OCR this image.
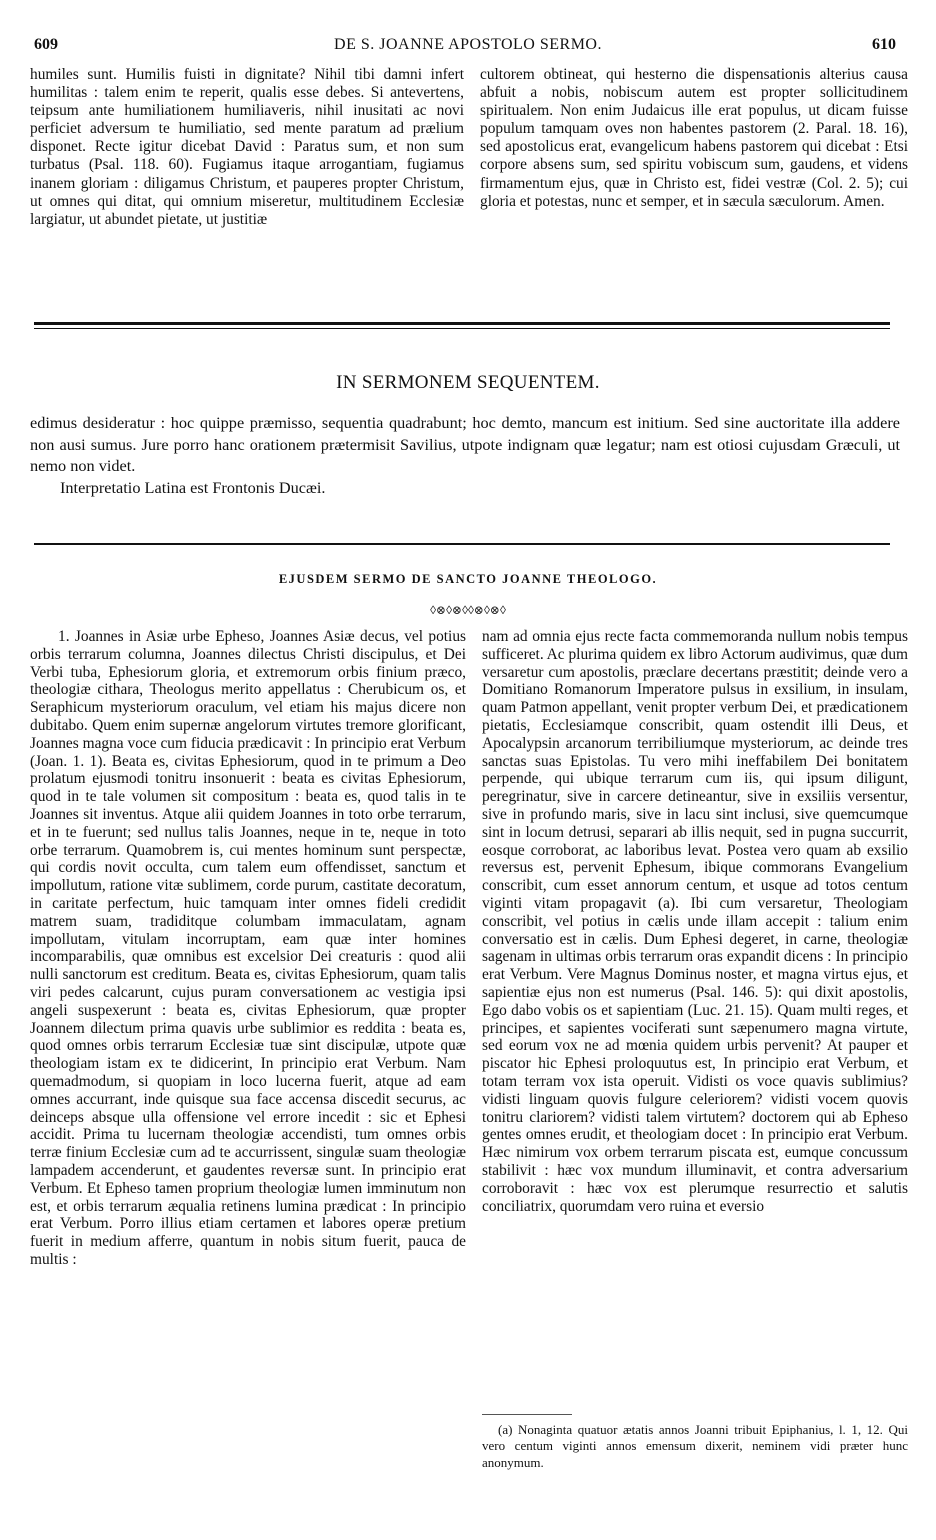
609	DE S. JOANNE APOSTOLO SERMO.	610

humiles sunt. Humilis fuisti in dignitate? Nihil tibi damni infert humilitas : talem enim te reperit, qualis esse debes. Si antevertens, teipsum ante humiliationem humiliaveris, nihil inusitati ac novi perficiet adversum te humiliatio, sed mente paratum ad prælium disponet. Recte igitur dicebat David : Paratus sum, et non sum turbatus (Psal. 118. 60). Fugiamus itaque arrogantiam, fugiamus inanem gloriam : diligamus Christum, et pauperes propter Christum, ut omnes qui ditat, qui omnium miseretur, multitudinem Ecclesiæ largiatur, ut abundet pietate, ut justitiæ

cultorem obtineat, qui hesterno die dispensationis alterius causa abfuit a nobis, nobiscum autem est propter sollicitudinem spiritualem. Non enim Judaicus ille erat populus, ut dicam fuisse populum tamquam oves non habentes pastorem (2. Paral. 18. 16), sed apostolicus erat, evangelicum habens pastorem qui dicebat : Etsi corpore absens sum, sed spiritu vobiscum sum, gaudens, et videns firmamentum ejus, quæ in Christo est, fidei vestræ (Col. 2. 5); cui gloria et potestas, nunc et semper, et in sæcula sæculorum. Amen.

IN SERMONEM SEQUENTEM.

edimus desideratur : hoc quippe præmisso, sequentia quadrabunt; hoc demto, mancum est initium. Sed sine auctoritate illa addere non ausi sumus. Jure porro hanc orationem prætermisit Savilius, utpote indignam quæ legatur; nam est otiosi cujusdam Græculi, ut nemo non videt.

Interpretatio Latina est Frontonis Ducæi.

EJUSDEM SERMO DE SANCTO JOANNE THEOLOGO.
◊⊗◊⊗◊◊⊗◊⊗◊

1. Joannes in Asiæ urbe Epheso, Joannes Asiæ decus, vel potius orbis terrarum columna, Joannes dilectus Christi discipulus, et Dei Verbi tuba, Ephesiorum gloria, et extremorum orbis finium præco, theologiæ cithara, Theologus merito appellatus : Cherubicum os, et Seraphicum mysteriorum oraculum, vel etiam his majus dicere non dubitabo. Quem enim supernæ angelorum virtutes tremore glorificant, Joannes magna voce cum fiducia prædicavit : In principio erat Verbum (Joan. 1. 1). Beata es, civitas Ephesiorum, quod in te primum a Deo prolatum ejusmodi tonitru insonuerit : beata es civitas Ephesiorum, quod in te tale volumen sit compositum : beata es, quod talis in te Joannes sit inventus. Atque alii quidem Joannes in toto orbe terrarum, et in te fuerunt; sed nullus talis Joannes, neque in te, neque in toto orbe terrarum. Quamobrem is, cui mentes hominum sunt perspectæ, qui cordis novit occulta, cum talem eum offendisset, sanctum et impollutum, ratione vitæ sublimem, corde purum, castitate decoratum, in caritate perfectum, huic tamquam inter omnes fideli credidit matrem suam, tradiditque columbam immaculatam, agnam impollutam, vitulam incorruptam, eam quæ inter homines incomparabilis, quæ omnibus est excelsior Dei creaturis : quod alii nulli sanctorum est creditum. Beata es, civitas Ephesiorum, quam talis viri pedes calcarunt, cujus puram conversationem ac vestigia ipsi angeli suspexerunt : beata es, civitas Ephesiorum, quæ propter Joannem dilectum prima quavis urbe sublimior es reddita : beata es, quod omnes orbis terrarum Ecclesiæ tuæ sint discipulæ, utpote quæ theologiam istam ex te didicerint, In principio erat Verbum. Nam quemadmodum, si quopiam in loco lucerna fuerit, atque ad eam omnes accurrant, inde quisque sua face accensa discedit securus, ac deinceps absque ulla offensione vel errore incedit : sic et Ephesi accidit. Prima tu lucernam theologiæ accendisti, tum omnes orbis terræ finium Ecclesiæ cum ad te accurrissent, singulæ suam theologiæ lampadem accenderunt, et gaudentes reversæ sunt. In principio erat Verbum. Et Epheso tamen proprium theologiæ lumen imminutum non est, et orbis terrarum æqualia retinens lumina prædicat : In principio erat Verbum. Porro illius etiam certamen et labores operæ pretium fuerit in medium afferre, quantum in nobis situm fuerit, pauca de multis :

nam ad omnia ejus recte facta commemoranda nullum nobis tempus sufficeret. Ac plurima quidem ex libro Actorum audivimus, quæ dum versaretur cum apostolis, præclare decertans præstitit; deinde vero a Domitiano Romanorum Imperatore pulsus in exsilium, in insulam, quam Patmon appellant, venit propter verbum Dei, et prædicationem pietatis, Ecclesiamque conscribit, quam ostendit illi Deus, et Apocalypsin arcanorum terribiliumque mysteriorum, ac deinde tres sanctas suas Epistolas. Tu vero mihi ineffabilem Dei bonitatem perpende, qui ubique terrarum cum iis, qui ipsum diligunt, peregrinatur, sive in carcere detineantur, sive in exsiliis versentur, sive in profundo maris, sive in lacu sint inclusi, sive quemcumque sint in locum detrusi, separari ab illis nequit, sed in pugna succurrit, eosque corroborat, ac laboribus levat. Postea vero quam ab exsilio reversus est, pervenit Ephesum, ibique commorans Evangelium conscribit, cum esset annorum centum, et usque ad totos centum viginti vitam propagavit (a). Ibi cum versaretur, Theologiam conscribit, vel potius in cælis unde illam accepit : talium enim conversatio est in cælis. Dum Ephesi degeret, in carne, theologiæ sagenam in ultimas orbis terrarum oras expandit dicens : In principio erat Verbum. Vere Magnus Dominus noster, et magna virtus ejus, et sapientiæ ejus non est numerus (Psal. 146. 5): qui dixit apostolis, Ego dabo vobis os et sapientiam (Luc. 21. 15). Quam multi reges, et principes, et sapientes vociferati sunt sæpenumero magna virtute, sed eorum vox ne ad mœnia quidem urbis pervenit? At pauper et piscator hic Ephesi proloquutus est, In principio erat Verbum, et totam terram vox ista operuit. Vidisti os voce quavis sublimius? vidisti linguam quovis fulgure celeriorem? vidisti vocem quovis tonitru clariorem? vidisti talem virtutem? doctorem qui ab Epheso gentes omnes erudit, et theologiam docet : In principio erat Verbum. Hæc nimirum vox orbem terrarum piscata est, eumque concussum stabilivit : hæc vox mundum illuminavit, et contra adversarium corroboravit : hæc vox est plerumque resurrectio et salutis conciliatrix, quorumdam vero ruina et eversio

(a) Nonaginta quatuor ætatis annos Joanni tribuit Epiphanius, l. 1, 12. Qui vero centum viginti annos emensum dixerit, neminem vidi præter hunc anonymum.
